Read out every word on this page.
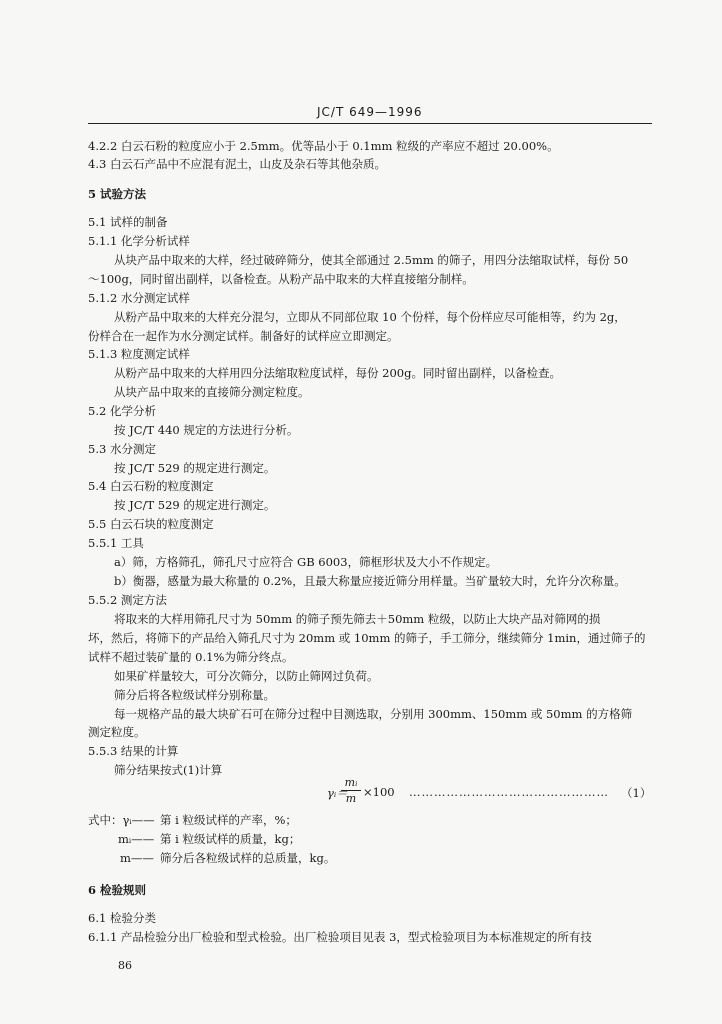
JC/T 649—1996
4.2.2 白云石粉的粒度应小于 2.5mm。优等品小于 0.1mm 粒级的产率应不超过 20.00%。
4.3 白云石产品中不应混有泥土，山皮及杂石等其他杂质。
5 试验方法
5.1 试样的制备
5.1.1 化学分析试样
从块产品中取来的大样，经过破碎筛分，使其全部通过 2.5mm 的筛子，用四分法缩取试样，每份 50
～100g，同时留出副样，以备检查。从粉产品中取来的大样直接缩分制样。
5.1.2 水分测定试样
从粉产品中取来的大样充分混匀，立即从不同部位取 10 个份样，每个份样应尽可能相等，约为 2g，
份样合在一起作为水分测定试样。制备好的试样应立即测定。
5.1.3 粒度测定试样
从粉产品中取来的大样用四分法缩取粒度试样，每份 200g。同时留出副样，以备检查。
从块产品中取来的直接筛分测定粒度。
5.2 化学分析
按 JC/T 440 规定的方法进行分析。
5.3 水分测定
按 JC/T 529 的规定进行测定。
5.4 白云石粉的粒度测定
按 JC/T 529 的规定进行测定。
5.5 白云石块的粒度测定
5.5.1 工具
a）筛，方格筛孔，筛孔尺寸应符合 GB 6003，筛框形状及大小不作规定。
b）衡器，感量为最大称量的 0.2%，且最大称量应接近筛分用样量。当矿量较大时，允许分次称量。
5.5.2 测定方法
将取来的大样用筛孔尺寸为 50mm 的筛子预先筛去＋50mm 粒级，以防止大块产品对筛网的损
坏，然后，将筛下的产品给入筛孔尺寸为 20mm 或 10mm 的筛子，手工筛分，继续筛分 1min，通过筛子的
试样不超过装矿量的 0.1%为筛分终点。
如果矿样量较大，可分次筛分，以防止筛网过负荷。
筛分后将各粒级试样分别称量。
每一规格产品的最大块矿石可在筛分过程中目测选取，分别用 300mm、150mm 或 50mm 的方格筛
测定粒度。
5.5.3 结果的计算
筛分结果按式(1)计算
γᵢ＝
mᵢ
m ×100 ………………………………………… （1）
式中：γᵢ—— 第 i 粒级试样的产率，%；
mᵢ—— 第 i 粒级试样的质量，kg；
m—— 筛分后各粒级试样的总质量，kg。
6 检验规则
6.1 检验分类
6.1.1 产品检验分出厂检验和型式检验。出厂检验项目见表 3，型式检验项目为本标准规定的所有技
86
